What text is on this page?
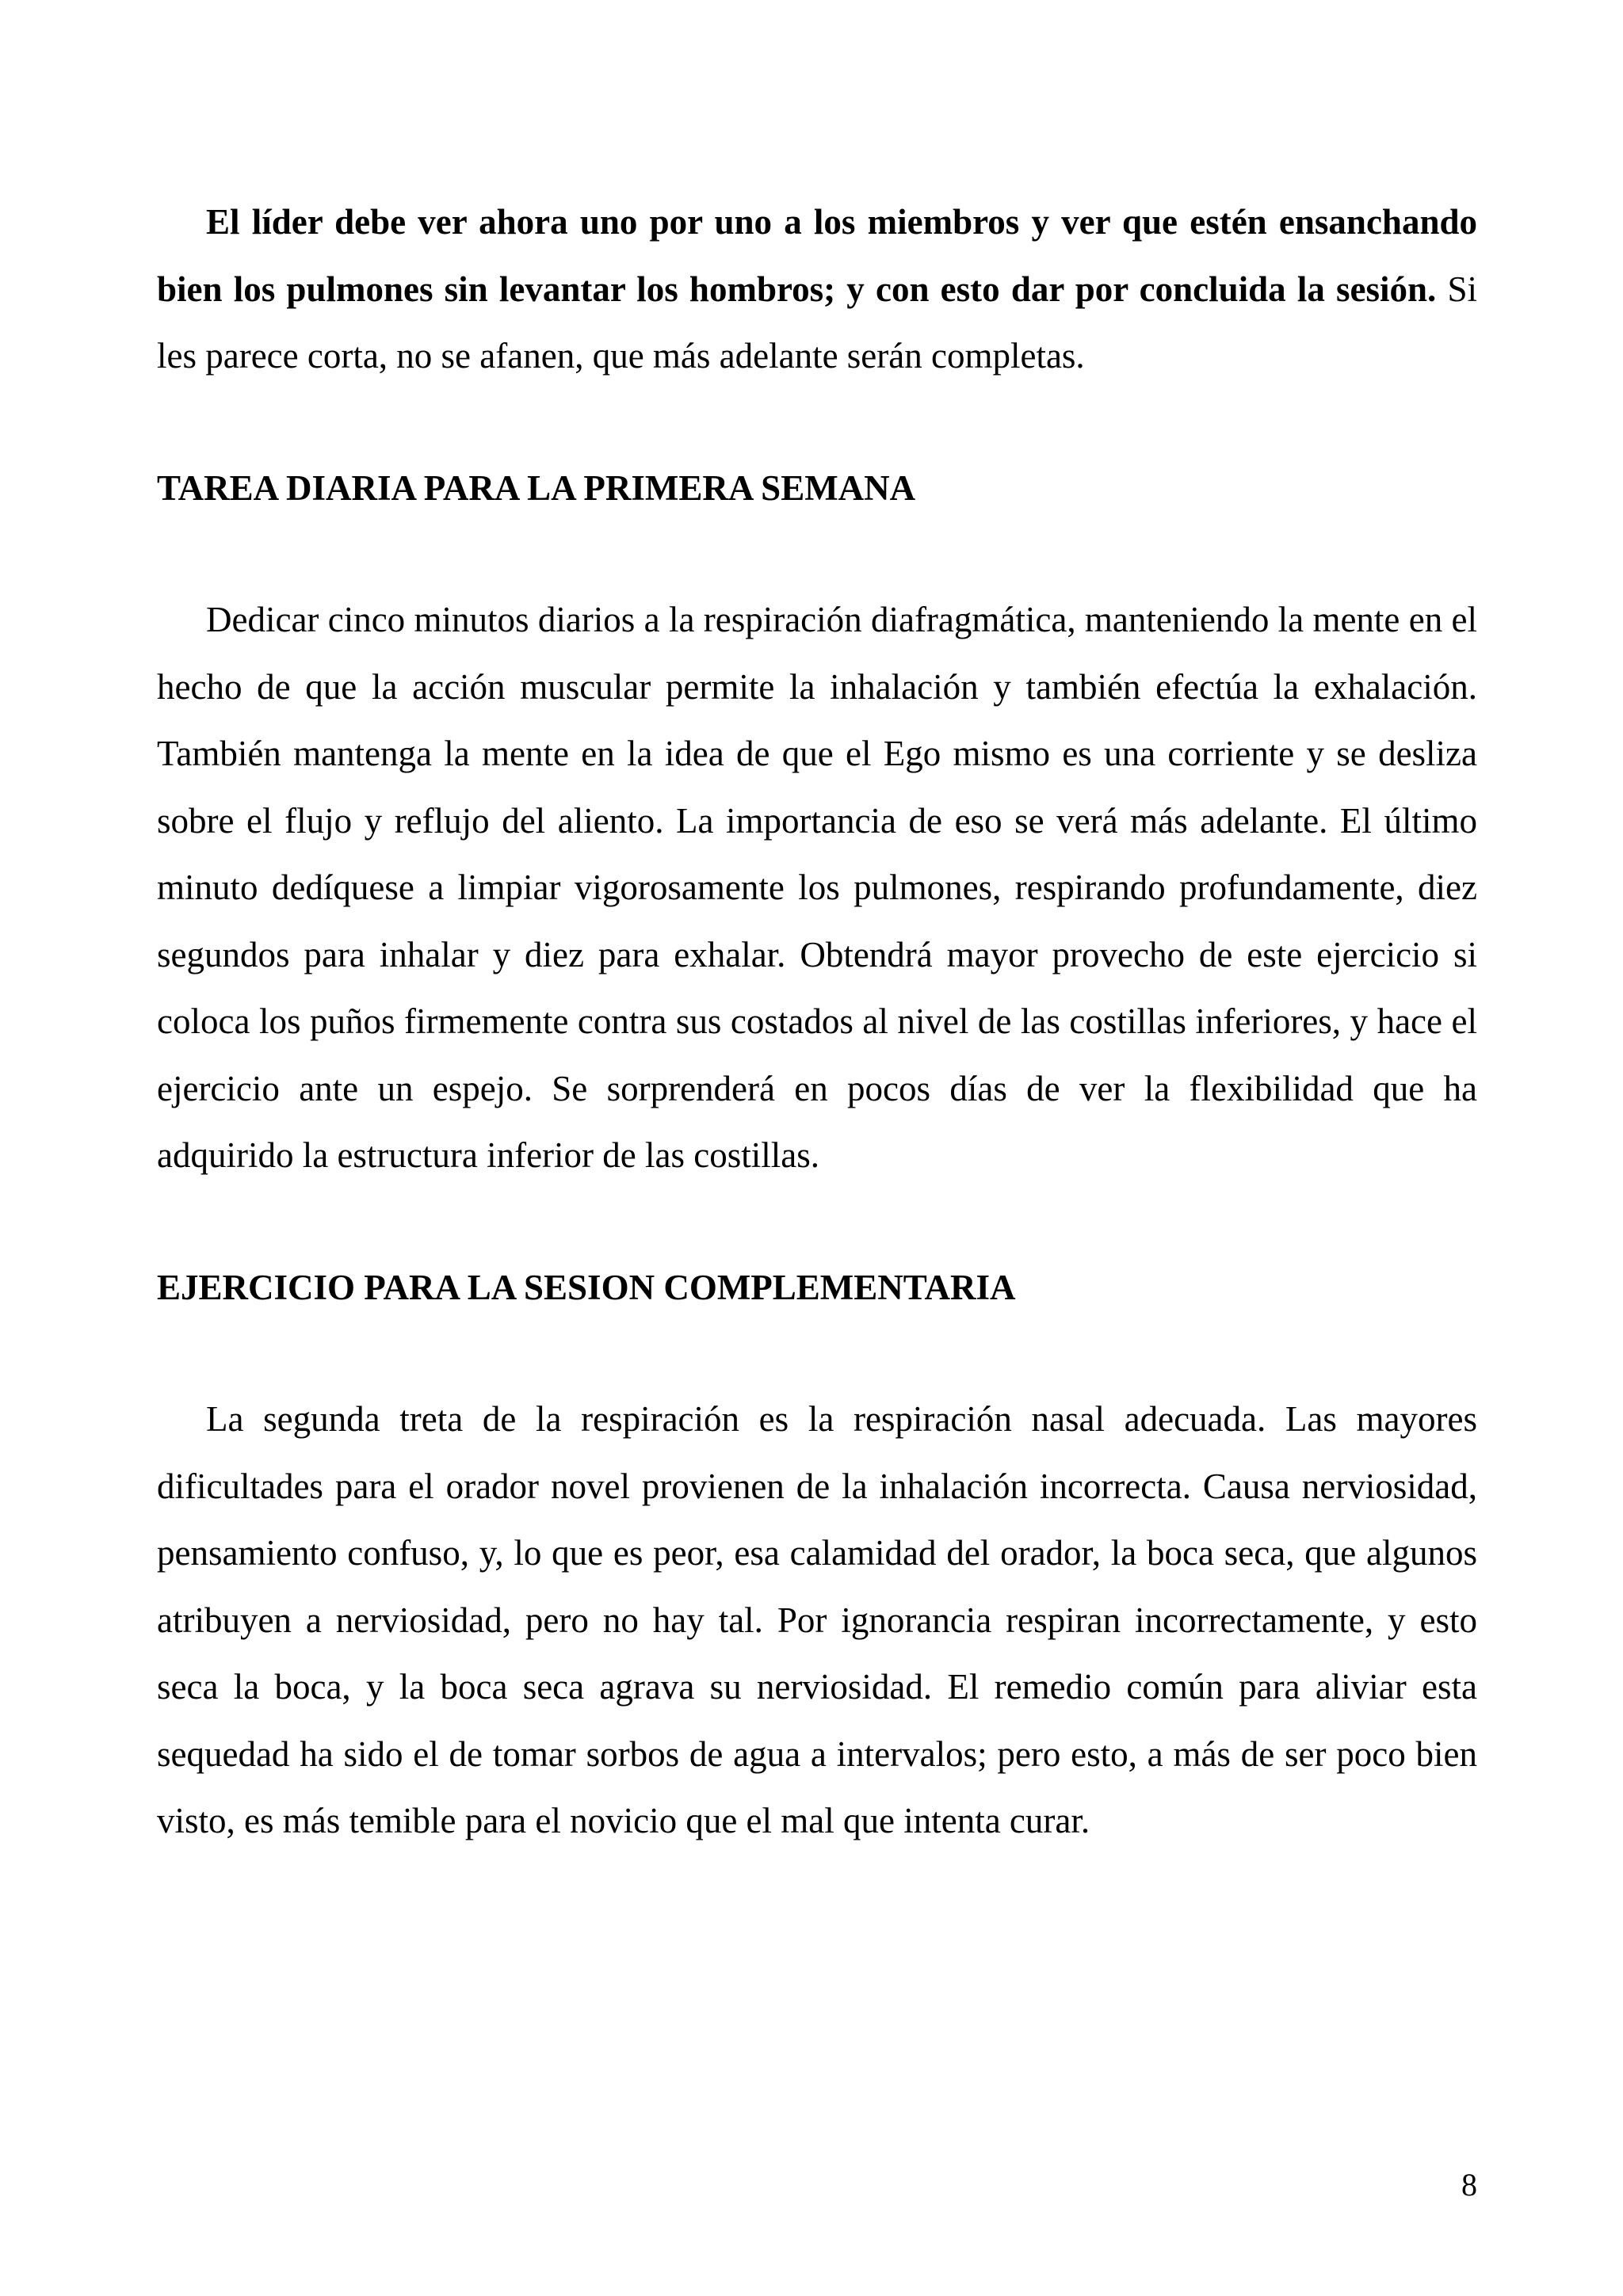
El líder debe ver ahora uno por uno a los miembros y ver que estén ensanchando bien los pulmones sin levantar los hombros; y con esto dar por concluida la sesión. Si les parece corta, no se afanen, que más adelante serán completas.

TAREA DIARIA PARA LA PRIMERA SEMANA

Dedicar cinco minutos diarios a la respiración diafragmática, manteniendo la mente en el hecho de que la acción muscular permite la inhalación y también efectúa la exhalación. También mantenga la mente en la idea de que el Ego mismo es una corriente y se desliza sobre el flujo y reflujo del aliento. La importancia de eso se verá más adelante. El último minuto dedíquese a limpiar vigorosamente los pulmones, respirando profundamente, diez segundos para inhalar y diez para exhalar. Obtendrá mayor provecho de este ejercicio si coloca los puños firmemente contra sus costados al nivel de las costillas inferiores, y hace el ejercicio ante un espejo. Se sorprenderá en pocos días de ver la flexibilidad que ha adquirido la estructura inferior de las costillas.

EJERCICIO PARA LA SESION COMPLEMENTARIA

La segunda treta de la respiración es la respiración nasal adecuada. Las mayores dificultades para el orador novel provienen de la inhalación incorrecta. Causa nerviosidad, pensamiento confuso, y, lo que es peor, esa calamidad del orador, la boca seca, que algunos atribuyen a nerviosidad, pero no hay tal. Por ignorancia respiran incorrectamente, y esto seca la boca, y la boca seca agrava su nerviosidad. El remedio común para aliviar esta sequedad ha sido el de tomar sorbos de agua a intervalos; pero esto, a más de ser poco bien visto, es más temible para el novicio que el mal que intenta curar.

8
